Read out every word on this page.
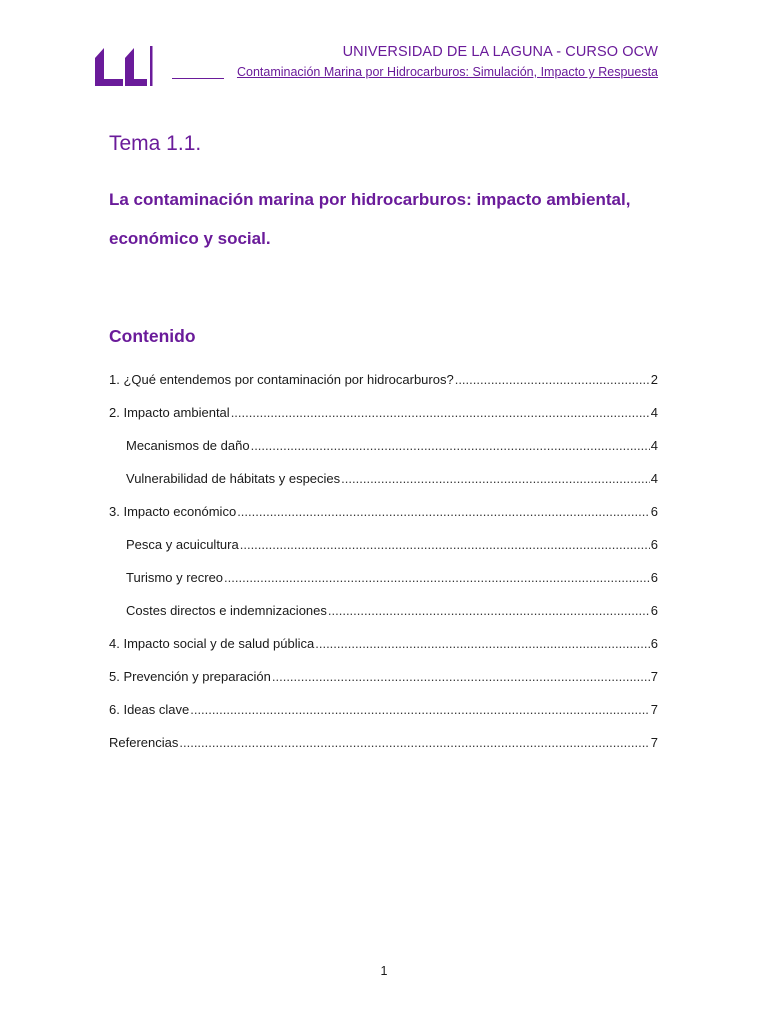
UNIVERSIDAD DE LA LAGUNA - CURSO OCW
Contaminación Marina por Hidrocarburos: Simulación, Impacto y Respuesta
Tema 1.1.
La contaminación marina por hidrocarburos: impacto ambiental, económico y social.
Contenido
1. ¿Qué entendemos por contaminación por hidrocarburos? .....	2
2. Impacto ambiental .....	4
Mecanismos de daño .....	4
Vulnerabilidad de hábitats y especies .....	4
3. Impacto económico .....	6
Pesca y acuicultura .....	6
Turismo y recreo .....	6
Costes directos e indemnizaciones .....	6
4. Impacto social y de salud pública .....	6
5. Prevención y preparación .....	7
6. Ideas clave .....	7
Referencias .....	7
1
